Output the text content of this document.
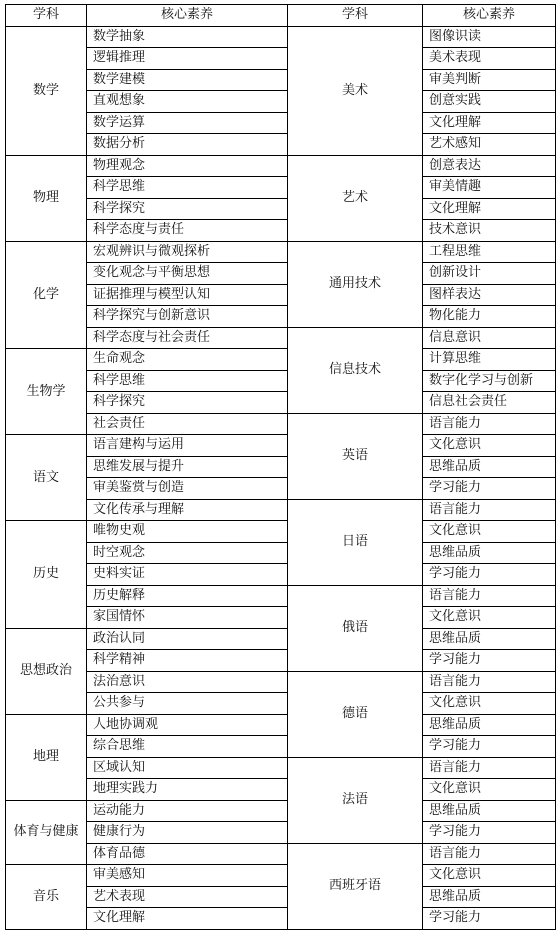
学科	核心素养	学科	核心素养
数学	数学抽象	美术	图像识读
	逻辑推理		美术表现
	数学建模		审美判断
	直观想象		创意实践
	数学运算		文化理解
	数据分析		艺术感知
物理	物理观念	艺术	创意表达
	科学思维		审美情趣
	科学探究		文化理解
	科学态度与责任		技术意识
化学	宏观辨识与微观探析	通用技术	工程思维
	变化观念与平衡思想		创新设计
	证据推理与模型认知		图样表达
	科学探究与创新意识		物化能力
	科学态度与社会责任	信息技术	信息意识
生物学	生命观念		计算思维
	科学思维		数字化学习与创新
	科学探究		信息社会责任
	社会责任	英语	语言能力
语文	语言建构与运用		文化意识
	思维发展与提升		思维品质
	审美鉴赏与创造		学习能力
	文化传承与理解	日语	语言能力
历史	唯物史观		文化意识
	时空观念		思维品质
	史料实证		学习能力
	历史解释	俄语	语言能力
	家国情怀		文化意识
思想政治	政治认同		思维品质
	科学精神		学习能力
	法治意识	德语	语言能力
	公共参与		文化意识
地理	人地协调观		思维品质
	综合思维		学习能力
	区域认知	法语	语言能力
	地理实践力		文化意识
体育与健康	运动能力		思维品质
	健康行为		学习能力
	体育品德	西班牙语	语言能力
音乐	审美感知		文化意识
	艺术表现		思维品质
	文化理解		学习能力
